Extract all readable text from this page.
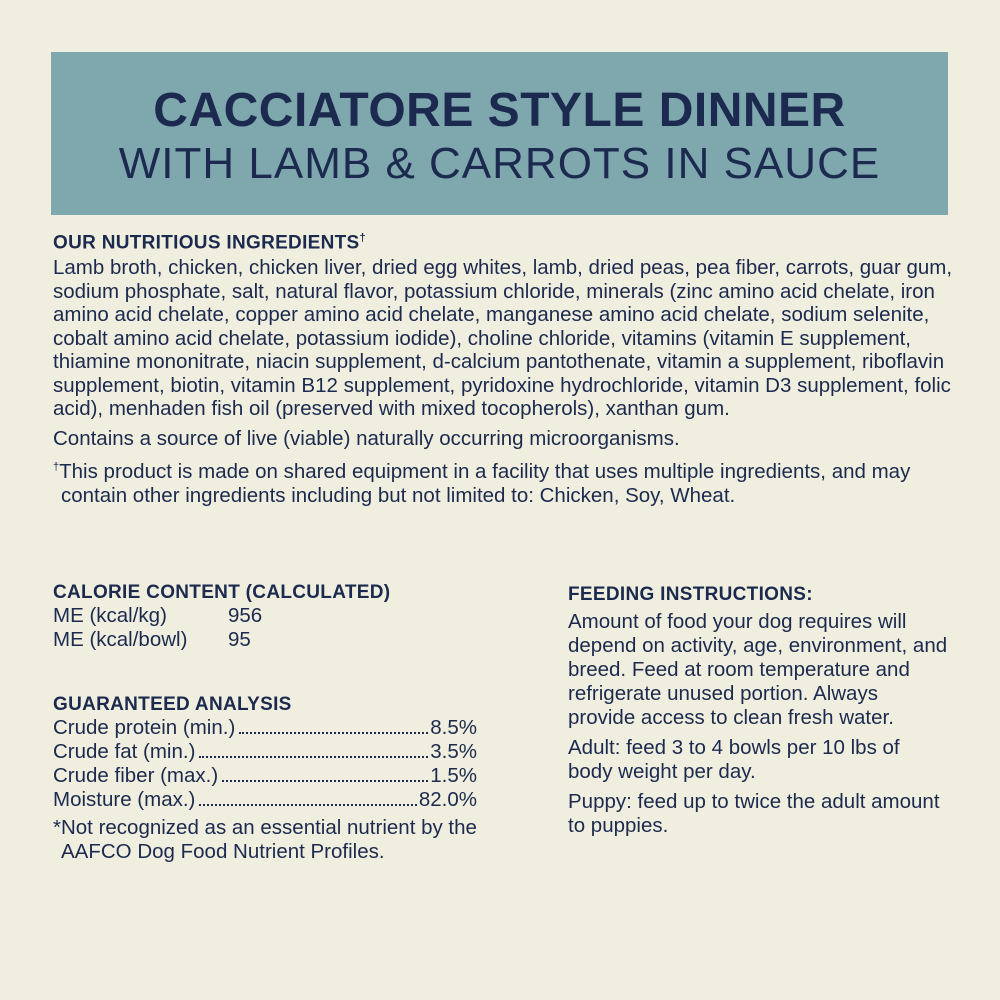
CACCIATORE STYLE DINNER
WITH LAMB & CARROTS IN SAUCE
OUR NUTRITIOUS INGREDIENTS†
Lamb broth, chicken, chicken liver, dried egg whites, lamb, dried peas, pea fiber, carrots, guar gum, sodium phosphate, salt, natural flavor, potassium chloride, minerals (zinc amino acid chelate, iron amino acid chelate, copper amino acid chelate, manganese amino acid chelate, sodium selenite, cobalt amino acid chelate, potassium iodide), choline chloride, vitamins (vitamin E supplement, thiamine mononitrate, niacin supplement, d-calcium pantothenate, vitamin a supplement, riboflavin supplement, biotin, vitamin B12 supplement, pyridoxine hydrochloride, vitamin D3 supplement, folic acid), menhaden fish oil (preserved with mixed tocopherols), xanthan gum.
Contains a source of live (viable) naturally occurring microorganisms.
†This product is made on shared equipment in a facility that uses multiple ingredients, and may contain other ingredients including but not limited to: Chicken, Soy, Wheat.
CALORIE CONTENT (CALCULATED)
ME (kcal/kg)	956
ME (kcal/bowl)	95
GUARANTEED ANALYSIS
Crude protein (min.)	8.5%
Crude fat (min.)	3.5%
Crude fiber (max.)	1.5%
Moisture (max.)	82.0%
*Not recognized as an essential nutrient by the AAFCO Dog Food Nutrient Profiles.
FEEDING INSTRUCTIONS:

Amount of food your dog requires will depend on activity, age, environment, and breed. Feed at room temperature and refrigerate unused portion. Always provide access to clean fresh water.

Adult: feed 3 to 4 bowls per 10 lbs of body weight per day.

Puppy: feed up to twice the adult amount to puppies.
